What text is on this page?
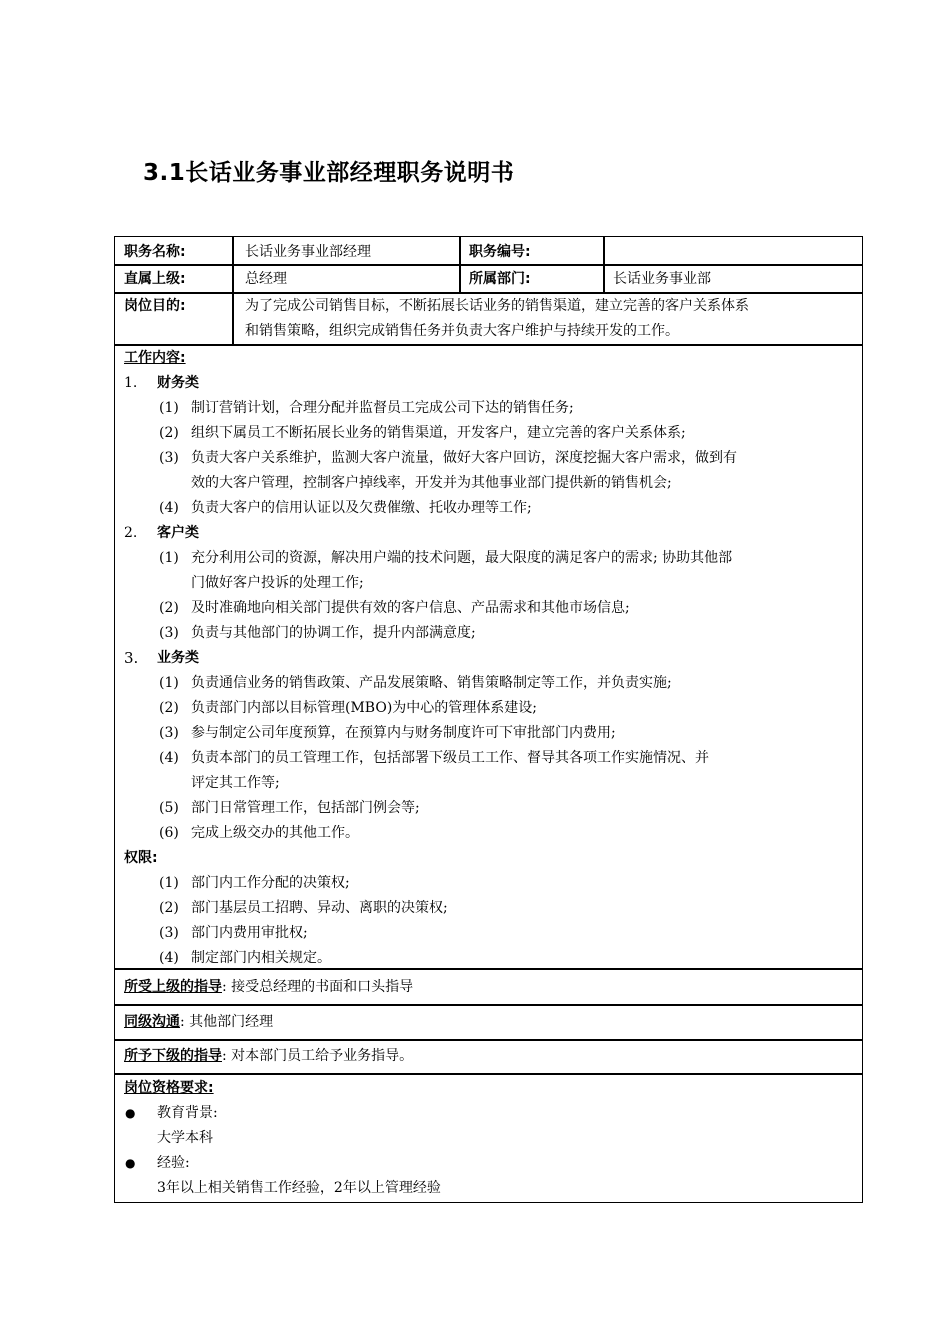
3.1长话业务事业部经理职务说明书
职务名称:	长话业务事业部经理	职务编号:
直属上级:	总经理	所属部门:	长话业务事业部
岗位目的:	为了完成公司销售目标，不断拓展长话业务的销售渠道，建立完善的客户关系体系
和销售策略，组织完成销售任务并负责大客户维护与持续开发的工作。
工作内容:
1. 财务类
(1) 制订营销计划，合理分配并监督员工完成公司下达的销售任务;
(2) 组织下属员工不断拓展长业务的销售渠道，开发客户，建立完善的客户关系体系;
(3) 负责大客户关系维护，监测大客户流量，做好大客户回访，深度挖掘大客户需求，做到有
效的大客户管理，控制客户掉线率，开发并为其他事业部门提供新的销售机会;
(4) 负责大客户的信用认证以及欠费催缴、托收办理等工作;
2. 客户类
(1) 充分利用公司的资源，解决用户端的技术问题，最大限度的满足客户的需求; 协助其他部
门做好客户投诉的处理工作;
(2) 及时准确地向相关部门提供有效的客户信息、产品需求和其他市场信息;
(3) 负责与其他部门的协调工作，提升内部满意度;
3. 业务类
(1) 负责通信业务的销售政策、产品发展策略、销售策略制定等工作，并负责实施;
(2) 负责部门内部以目标管理(MBO)为中心的管理体系建设;
(3) 参与制定公司年度预算，在预算内与财务制度许可下审批部门内费用;
(4) 负责本部门的员工管理工作，包括部署下级员工工作、督导其各项工作实施情况、并
评定其工作等;
(5) 部门日常管理工作，包括部门例会等;
(6) 完成上级交办的其他工作。
权限:
(1) 部门内工作分配的决策权;
(2) 部门基层员工招聘、异动、离职的决策权;
(3) 部门内费用审批权;
(4) 制定部门内相关规定。
所受上级的指导: 接受总经理的书面和口头指导
同级沟通: 其他部门经理
所予下级的指导: 对本部门员工给予业务指导。
岗位资格要求:
● 教育背景:
大学本科
● 经验:
3年以上相关销售工作经验，2年以上管理经验
